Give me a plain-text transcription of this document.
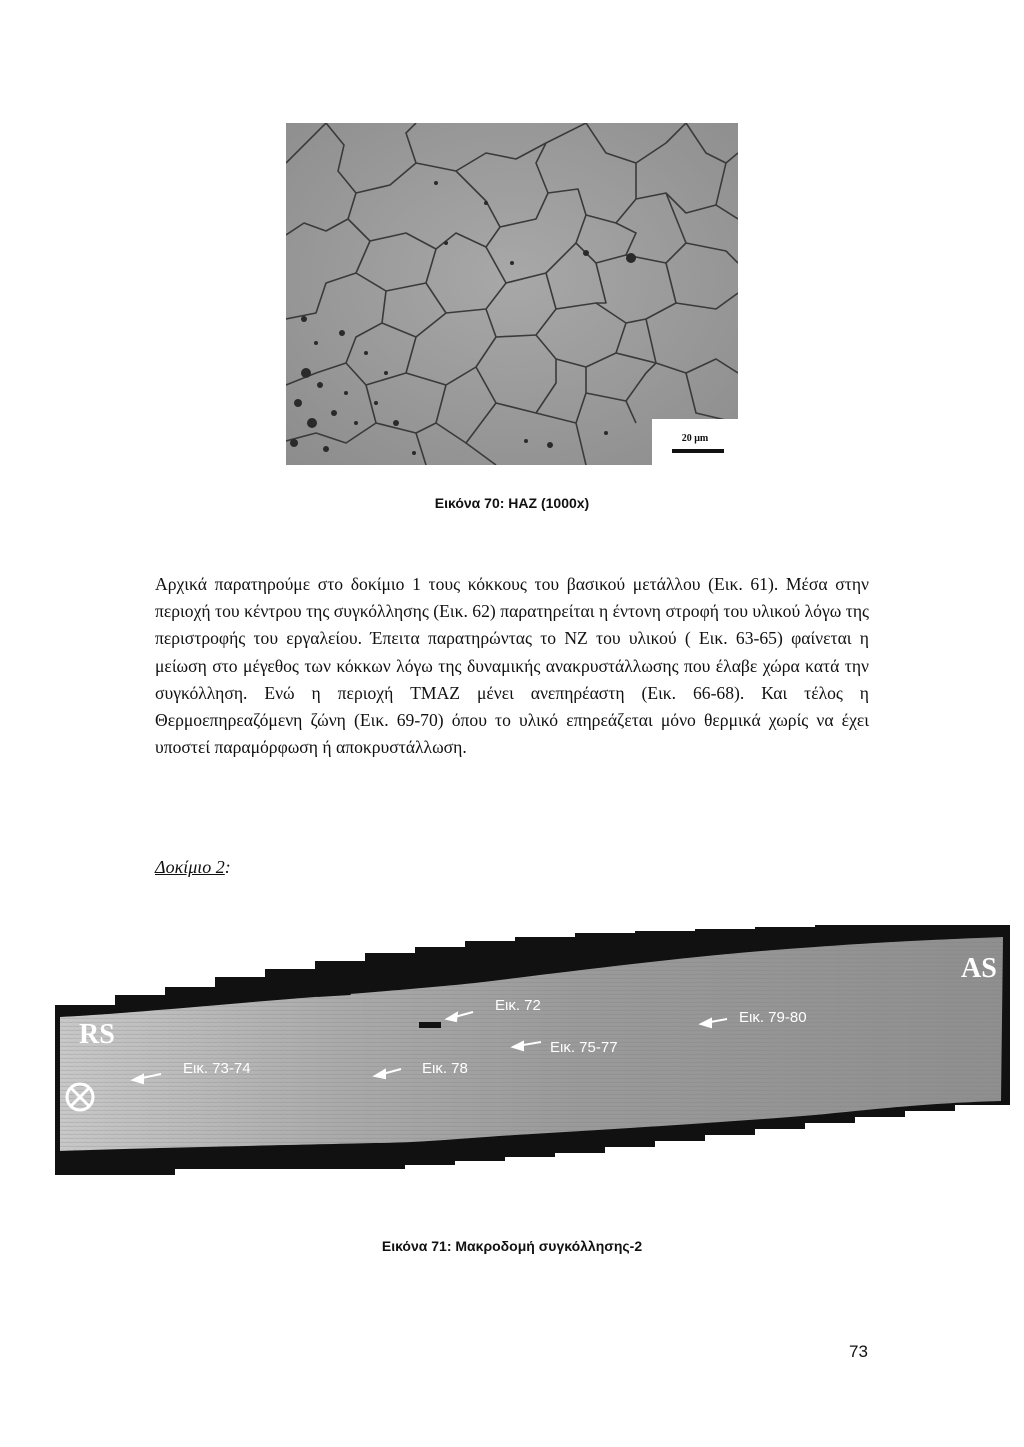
20 μm
Εικόνα 70: HAZ (1000x)
Αρχικά παρατηρούμε στο δοκίμιο 1 τους κόκκους του βασικού μετάλλου (Εικ. 61). Μέσα στην περιοχή του κέντρου της συγκόλλησης (Εικ. 62) παρατηρείται η έντονη στροφή του υλικού λόγω της περιστροφής του εργαλείου. Έπειτα παρατηρώντας το NZ του υλικού ( Εικ. 63-65) φαίνεται η μείωση στο μέγεθος των κόκκων λόγω της δυναμικής ανακρυστάλλωσης που έλαβε χώρα κατά την συγκόλληση. Ενώ η περιοχή TMAZ μένει ανεπηρέαστη (Εικ. 66-68). Και τέλος η Θερμοεπηρεαζόμενη ζώνη (Εικ. 69-70) όπου το υλικό επηρεάζεται μόνο θερμικά χωρίς να έχει υποστεί παραμόρφωση ή αποκρυστάλλωση.
Δοκίμιο 2:
RS
AS
Εικ. 72
Εικ. 79-80
Εικ. 75-77
Εικ. 73-74	Εικ. 78
Εικόνα 71: Μακροδομή συγκόλλησης-2
73
